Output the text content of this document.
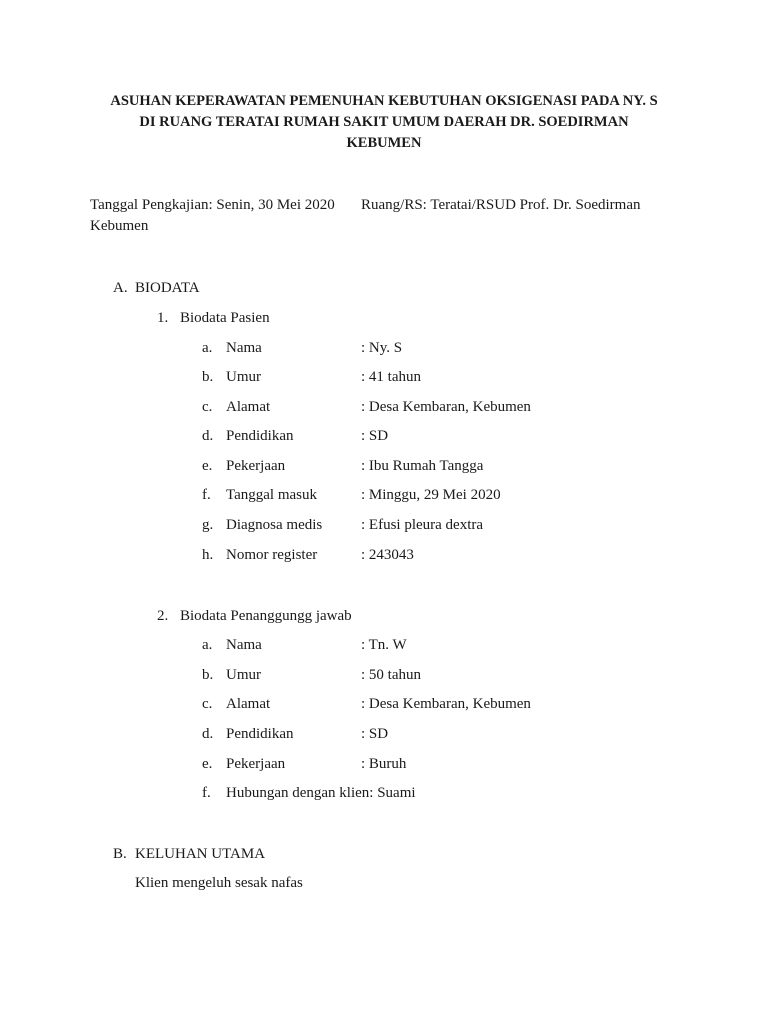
ASUHAN KEPERAWATAN PEMENUHAN KEBUTUHAN OKSIGENASI PADA NY. S
DI RUANG TERATAI RUMAH SAKIT UMUM DAERAH DR. SOEDIRMAN
KEBUMEN
Tanggal Pengkajian: Senin, 30 Mei 2020 Ruang/RS: Teratai/RSUD Prof. Dr. Soedirman
Kebumen
A. BIODATA
1. Biodata Pasien
a. Nama	: Ny. S
b. Umur	: 41 tahun
c. Alamat	: Desa Kembaran, Kebumen
d. Pendidikan	: SD
e. Pekerjaan	: Ibu Rumah Tangga
f. Tanggal masuk	: Minggu, 29 Mei 2020
g. Diagnosa medis	: Efusi pleura dextra
h. Nomor register	: 243043
2. Biodata Penanggungg jawab
a. Nama	: Tn. W
b. Umur	: 50 tahun
c. Alamat	: Desa Kembaran, Kebumen
d. Pendidikan	: SD
e. Pekerjaan	: Buruh
f. Hubungan dengan klien: Suami
B. KELUHAN UTAMA
Klien mengeluh sesak nafas
